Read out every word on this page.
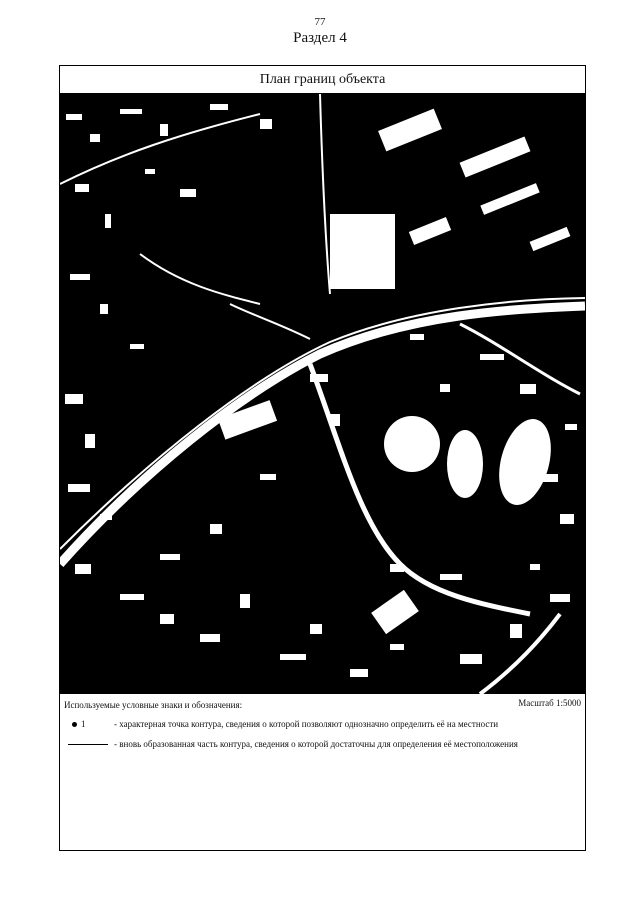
77
Раздел 4
План границ объекта
Используемые условные знаки и обозначения:	Масштаб 1:5000
1	- характерная точка контура, сведения о которой позволяют однозначно определить её на местности
- вновь образованная часть контура, сведения о которой достаточны для определения её местоположения
